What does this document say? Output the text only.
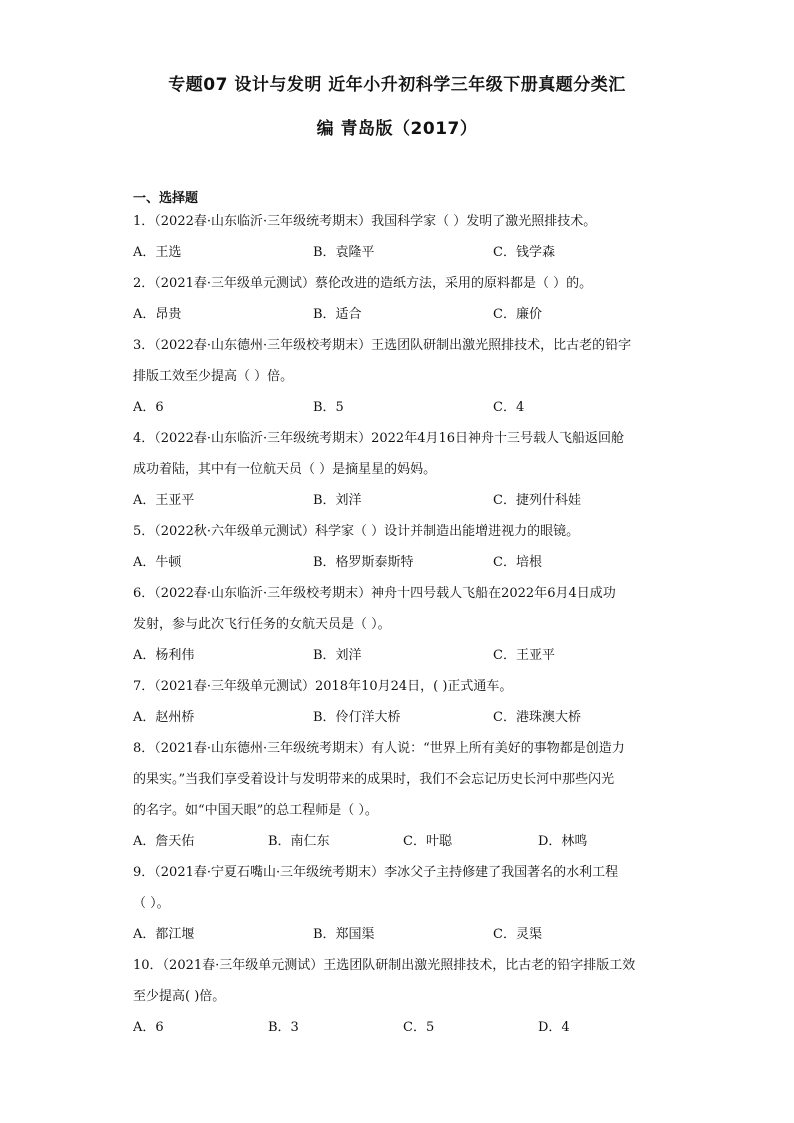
专题07 设计与发明 近年小升初科学三年级下册真题分类汇
编 青岛版（2017）
一、选择题
1．（2022春·山东临沂·三年级统考期末）我国科学家（ ）发明了激光照排技术。
A．王选	B．袁隆平	C．钱学森
2．（2021春·三年级单元测试）蔡伦改进的造纸方法，采用的原料都是（ ）的。
A．昂贵	B．适合	C．廉价
3．（2022春·山东德州·三年级校考期末）王选团队研制出激光照排技术，比古老的铅字
排版工效至少提高（ ）倍。
A．6	B．5	C．4
4．（2022春·山东临沂·三年级统考期末）2022年4月16日神舟十三号载人飞船返回舱
成功着陆，其中有一位航天员（ ）是摘星星的妈妈。
A．王亚平	B．刘洋	C．捷列什科娃
5．（2022秋·六年级单元测试）科学家（ ）设计并制造出能增进视力的眼镜。
A．牛顿	B．格罗斯泰斯特	C．培根
6．（2022春·山东临沂·三年级校考期末）神舟十四号载人飞船在2022年6月4日成功
发射，参与此次飞行任务的女航天员是（ ）。
A．杨利伟	B．刘洋	C．王亚平
7．（2021春·三年级单元测试）2018年10月24日，( )正式通车。
A．赵州桥	B．伶仃洋大桥	C．港珠澳大桥
8．（2021春·山东德州·三年级统考期末）有人说：“世界上所有美好的事物都是创造力
的果实。”当我们享受着设计与发明带来的成果时，我们不会忘记历史长河中那些闪光
的名字。如“中国天眼”的总工程师是（ ）。
A．詹天佑	B．南仁东	C．叶聪	D．林鸣
9．（2021春·宁夏石嘴山·三年级统考期末）李冰父子主持修建了我国著名的水利工程
（ ）。
A．都江堰	B．郑国渠	C．灵渠
10．（2021春·三年级单元测试）王选团队研制出激光照排技术，比古老的铅字排版工效
至少提高( )倍。
A．6	B．3	C．5	D．4
